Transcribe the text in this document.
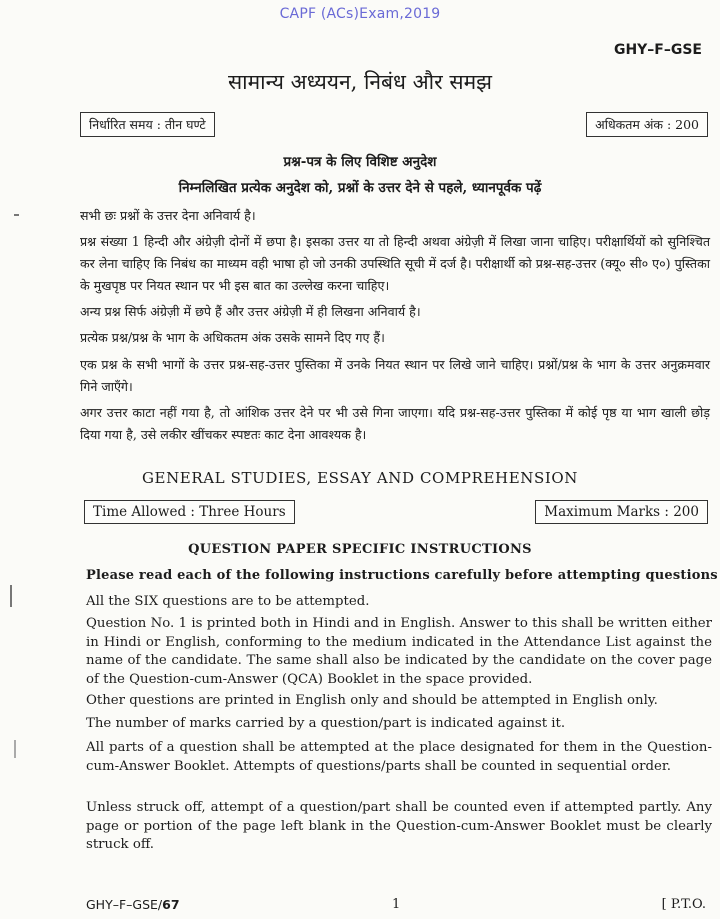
CAPF (ACs)Exam,2019
GHY–F–GSE
सामान्य अध्ययन, निबंध और समझ
निर्धारित समय : तीन घण्टे	अधिकतम अंक : 200
प्रश्न-पत्र के लिए विशिष्ट अनुदेश
निम्नलिखित प्रत्येक अनुदेश को, प्रश्नों के उत्तर देने से पहले, ध्यानपूर्वक पढ़ें
सभी छः प्रश्नों के उत्तर देना अनिवार्य है।
प्रश्न संख्या 1 हिन्दी और अंग्रेज़ी दोनों में छपा है। इसका उत्तर या तो हिन्दी अथवा अंग्रेज़ी में लिखा जाना चाहिए। परीक्षार्थियों को सुनिश्चित कर लेना चाहिए कि निबंध का माध्यम वही भाषा हो जो उनकी उपस्थिति सूची में दर्ज है। परीक्षार्थी को प्रश्न-सह-उत्तर (क्यू० सी० ए०) पुस्तिका के मुखपृष्ठ पर नियत स्थान पर भी इस बात का उल्लेख करना चाहिए।
अन्य प्रश्न सिर्फ अंग्रेज़ी में छपे हैं और उत्तर अंग्रेज़ी में ही लिखना अनिवार्य है।
प्रत्येक प्रश्न/प्रश्न के भाग के अधिकतम अंक उसके सामने दिए गए हैं।
एक प्रश्न के सभी भागों के उत्तर प्रश्न-सह-उत्तर पुस्तिका में उनके नियत स्थान पर लिखे जाने चाहिए। प्रश्नों/प्रश्न के भाग के उत्तर अनुक्रमवार गिने जाएँगे।
अगर उत्तर काटा नहीं गया है, तो आंशिक उत्तर देने पर भी उसे गिना जाएगा। यदि प्रश्न-सह-उत्तर पुस्तिका में कोई पृष्ठ या भाग खाली छोड़ दिया गया है, उसे लकीर खींचकर स्पष्टतः काट देना आवश्यक है।
GENERAL STUDIES, ESSAY AND COMPREHENSION
Time Allowed : Three Hours	Maximum Marks : 200
QUESTION PAPER SPECIFIC INSTRUCTIONS
Please read each of the following instructions carefully before attempting questions
All the SIX questions are to be attempted.
Question No. 1 is printed both in Hindi and in English. Answer to this shall be written either in Hindi or English, conforming to the medium indicated in the Attendance List against the name of the candidate. The same shall also be indicated by the candidate on the cover page of the Question-cum-Answer (QCA) Booklet in the space provided.
Other questions are printed in English only and should be attempted in English only.
The number of marks carried by a question/part is indicated against it.
All parts of a question shall be attempted at the place designated for them in the Question-cum-Answer Booklet. Attempts of questions/parts shall be counted in sequential order.
Unless struck off, attempt of a question/part shall be counted even if attempted partly. Any page or portion of the page left blank in the Question-cum-Answer Booklet must be clearly struck off.
GHY–F–GSE/67	1	[ P.T.O.
